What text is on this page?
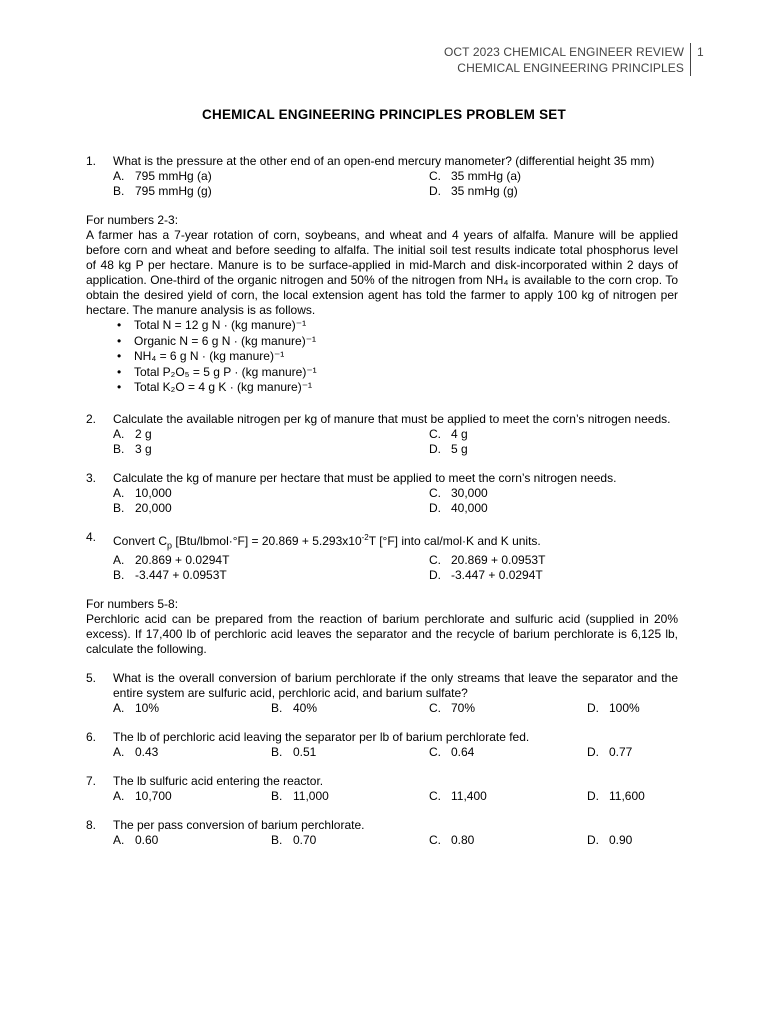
OCT 2023 CHEMICAL ENGINEER REVIEW
CHEMICAL ENGINEERING PRINCIPLES
1
CHEMICAL ENGINEERING PRINCIPLES PROBLEM SET
1.	What is the pressure at the other end of an open-end mercury manometer? (differential height 35 mm)
A. 795 mmHg (a)	C. 35 mmHg (a)
B. 795 mmHg (g)	D. 35 nmHg (g)
For numbers 2-3:
A farmer has a 7-year rotation of corn, soybeans, and wheat and 4 years of alfalfa. Manure will be applied before corn and wheat and before seeding to alfalfa. The initial soil test results indicate total phosphorus level of 48 kg P per hectare. Manure is to be surface-applied in mid-March and disk-incorporated within 2 days of application. One-third of the organic nitrogen and 50% of the nitrogen from NH₄ is available to the corn crop. To obtain the desired yield of corn, the local extension agent has told the farmer to apply 100 kg of nitrogen per hectare. The manure analysis is as follows.
•	Total N = 12 g N · (kg manure)⁻¹
•	Organic N = 6 g N · (kg manure)⁻¹
•	NH₄ = 6 g N · (kg manure)⁻¹
•	Total P₂O₅ = 5 g P · (kg manure)⁻¹
•	Total K₂O = 4 g K · (kg manure)⁻¹
2.	Calculate the available nitrogen per kg of manure that must be applied to meet the corn’s nitrogen needs.
A. 2 g	C. 4 g
B. 3 g	D. 5 g
3.	Calculate the kg of manure per hectare that must be applied to meet the corn’s nitrogen needs.
A. 10,000	C. 30,000
B. 20,000	D. 40,000
4.	Convert $C_p$ [Btu/lbmol·°F] = $20.869 + 5.293x10^{-2}T$ [°F] into cal/mol·K and K units.
A. 20.869 + 0.0294T	C. 20.869 + 0.0953T
B. -3.447 + 0.0953T	D. -3.447 + 0.0294T
For numbers 5-8:
Perchloric acid can be prepared from the reaction of barium perchlorate and sulfuric acid (supplied in 20% excess). If 17,400 lb of perchloric acid leaves the separator and the recycle of barium perchlorate is 6,125 lb, calculate the following.
5.	What is the overall conversion of barium perchlorate if the only streams that leave the separator and the entire system are sulfuric acid, perchloric acid, and barium sulfate?
A. 10%	B. 40%	C. 70%	D. 100%
6.	The lb of perchloric acid leaving the separator per lb of barium perchlorate fed.
A. 0.43	B. 0.51	C. 0.64	D. 0.77
7.	The lb sulfuric acid entering the reactor.
A. 10,700	B. 11,000	C. 11,400	D. 11,600
8.	The per pass conversion of barium perchlorate.
A. 0.60	B. 0.70	C. 0.80	D. 0.90
